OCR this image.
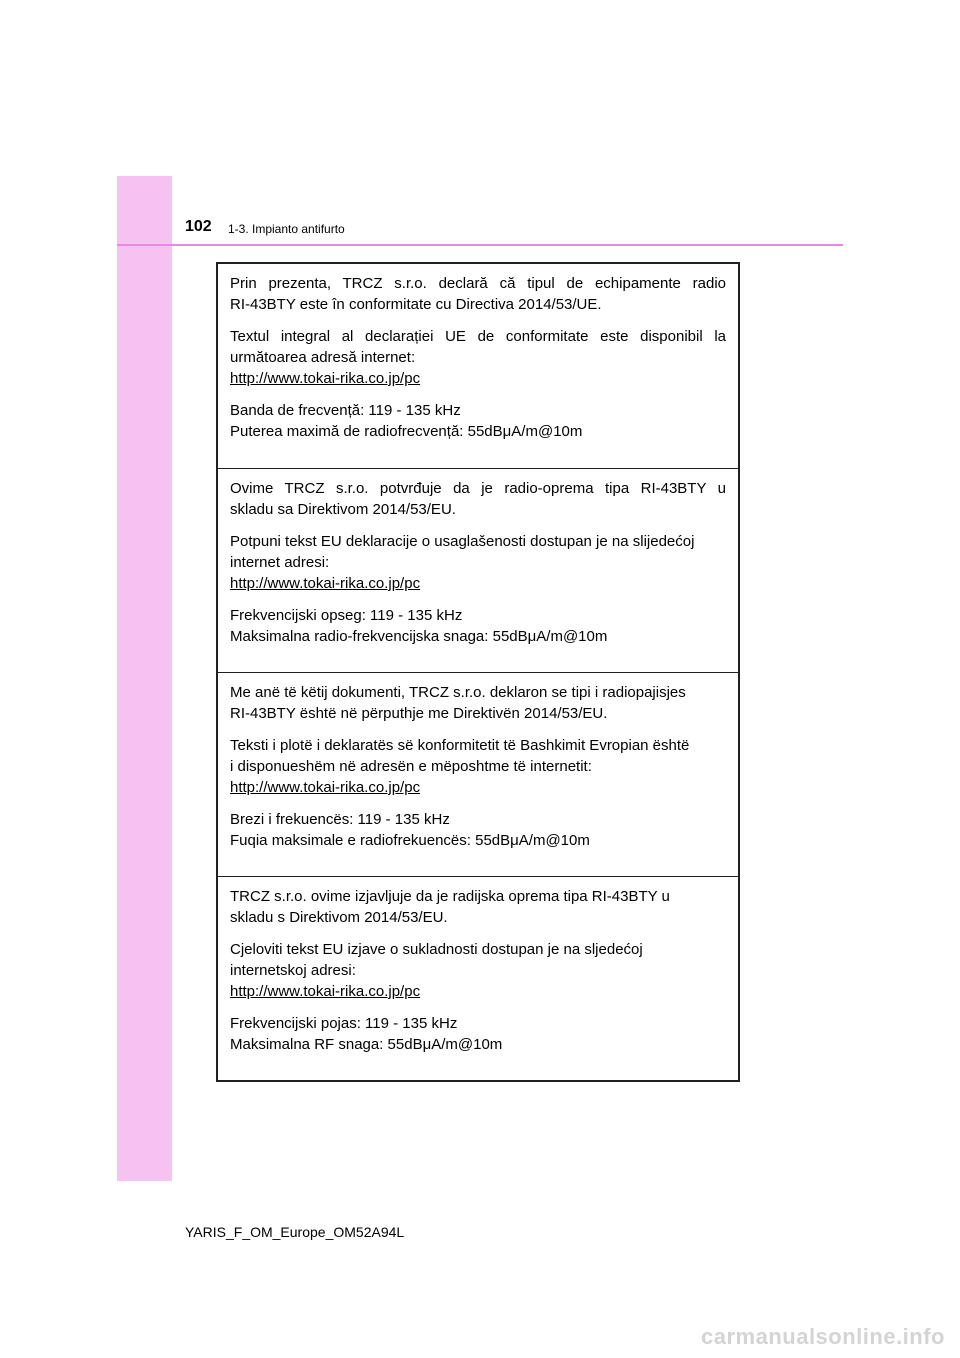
102 1-3. Impianto antifurto

Prin prezenta, TRCZ s.r.o. declară că tipul de echipamente radio
RI-43BTY este în conformitate cu Directiva 2014/53/UE.

Textul integral al declarației UE de conformitate este disponibil la
următoarea adresă internet:
http://www.tokai-rika.co.jp/pc

Banda de frecvență: 119 - 135 kHz
Puterea maximă de radiofrecvență: 55dBμA/m@10m

Ovime TRCZ s.r.o. potvrđuje da je radio-oprema tipa RI-43BTY u
skladu sa Direktivom 2014/53/EU.

Potpuni tekst EU deklaracije o usaglašenosti dostupan je na slijedećoj
internet adresi:
http://www.tokai-rika.co.jp/pc

Frekvencijski opseg: 119 - 135 kHz
Maksimalna radio-frekvencijska snaga: 55dBμA/m@10m

Me anë të këtij dokumenti, TRCZ s.r.o. deklaron se tipi i radiopajisjes
RI-43BTY është në përputhje me Direktivën 2014/53/EU.

Teksti i plotë i deklaratës së konformitetit të Bashkimit Evropian është
i disponueshëm në adresën e mëposhtme të internetit:
http://www.tokai-rika.co.jp/pc

Brezi i frekuencës: 119 - 135 kHz
Fuqia maksimale e radiofrekuencës: 55dBμA/m@10m

TRCZ s.r.o. ovime izjavljuje da je radijska oprema tipa RI-43BTY u
skladu s Direktivom 2014/53/EU.

Cjeloviti tekst EU izjave o sukladnosti dostupan je na sljedećoj
internetskoj adresi:
http://www.tokai-rika.co.jp/pc

Frekvencijski pojas: 119 - 135 kHz
Maksimalna RF snaga: 55dBμA/m@10m

YARIS_F_OM_Europe_OM52A94L
carmanualsonline.info
